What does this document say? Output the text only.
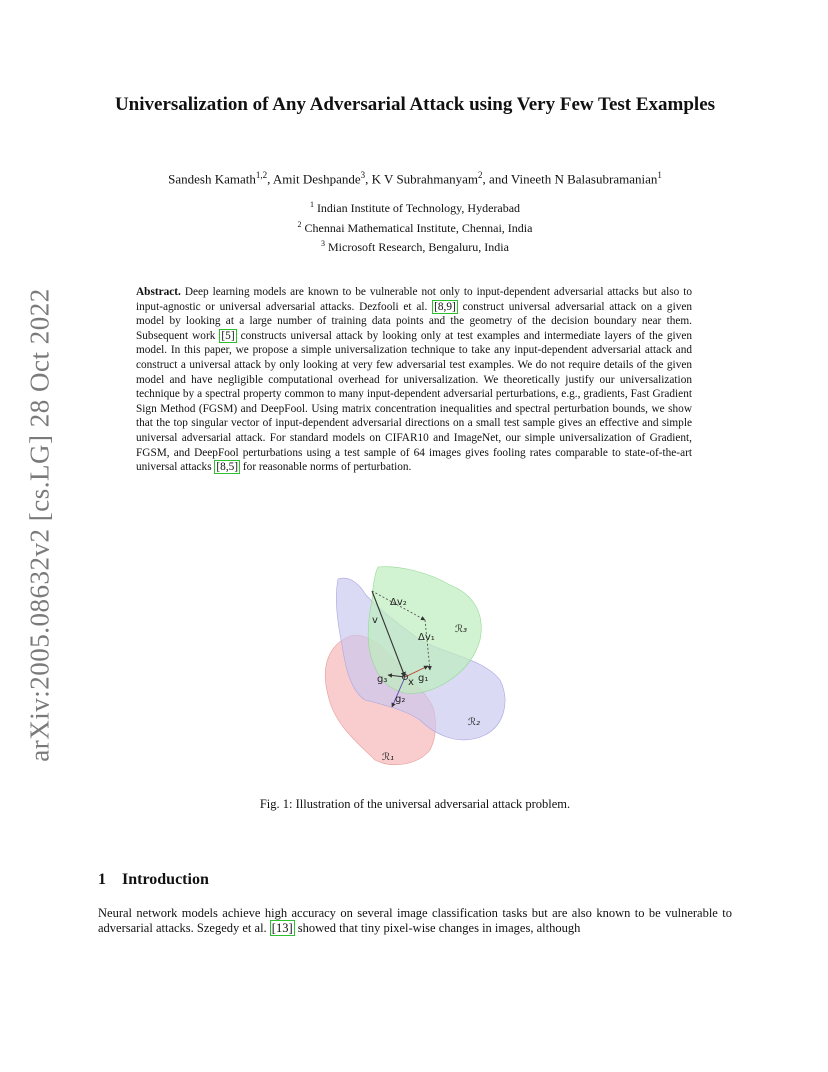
arXiv:2005.08632v2 [cs.LG] 28 Oct 2022
Universalization of Any Adversarial Attack using Very Few Test Examples
Sandesh Kamath$^{1,2}$, Amit Deshpande$^3$, K V Subrahmanyam$^2$, and Vineeth N Balasubramanian$^1$
$^1$ Indian Institute of Technology, Hyderabad
$^2$ Chennai Mathematical Institute, Chennai, India
$^3$ Microsoft Research, Bengaluru, India
Abstract. Deep learning models are known to be vulnerable not only to input-dependent adversarial attacks but also to input-agnostic or universal adversarial attacks. Dezfooli et al. [8,9] construct universal adversarial attack on a given model by looking at a large number of training data points and the geometry of the decision boundary near them. Subsequent work [5] constructs universal attack by looking only at test examples and intermediate layers of the given model. In this paper, we propose a simple universalization technique to take any input-dependent adversarial attack and construct a universal attack by only looking at very few adversarial test examples. We do not require details of the given model and have negligible computational overhead for universalization. We theoretically justify our universalization technique by a spectral property common to many input-dependent adversarial perturbations, e.g., gradients, Fast Gradient Sign Method (FGSM) and DeepFool. Using matrix concentration inequalities and spectral perturbation bounds, we show that the top singular vector of input-dependent adversarial directions on a small test sample gives an effective and simple universal adversarial attack. For standard models on CIFAR10 and ImageNet, our simple universalization of Gradient, FGSM, and DeepFool perturbations using a test sample of 64 images gives fooling rates comparable to state-of-the-art universal attacks [8,5] for reasonable norms of perturbation.
v
Δv₂
Δv₁
ℛ₃
g₃ x g₁
g₂
ℛ₂
ℛ₁
Fig. 1: Illustration of the universal adversarial attack problem.
1 Introduction
Neural network models achieve high accuracy on several image classification tasks but are also known to be vulnerable to adversarial attacks. Szegedy et al. [13] showed that tiny pixel-wise changes in images, although
